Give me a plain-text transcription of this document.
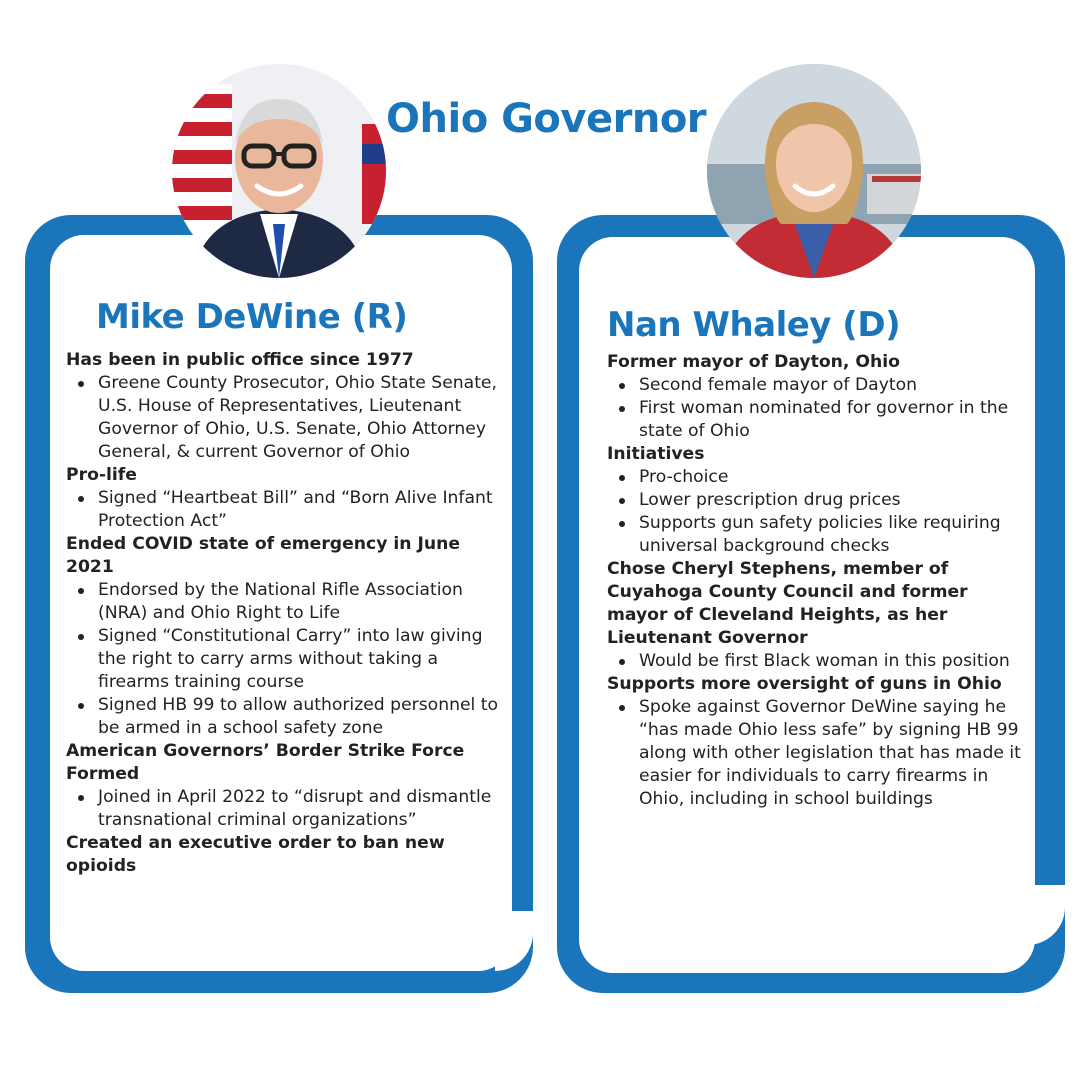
Ohio Governor
Mike DeWine (R)
Has been in public office since 1977
Greene County Prosecutor, Ohio State Senate, U.S. House of Representatives, Lieutenant Governor of Ohio, U.S. Senate, Ohio Attorney General, & current Governor of Ohio
Pro-life
Signed “Heartbeat Bill” and “Born Alive Infant Protection Act”
Ended COVID state of emergency in June 2021
Endorsed by the National Rifle Association (NRA) and Ohio Right to Life
Signed “Constitutional Carry” into law giving the right to carry arms without taking a firearms training course
Signed HB 99 to allow authorized personnel to be armed in a school safety zone
American Governors’ Border Strike Force Formed
Joined in April 2022 to “disrupt and dismantle transnational criminal organizations”
Created an executive order to ban new opioids
Nan Whaley (D)
Former mayor of Dayton, Ohio
Second female mayor of Dayton
First woman nominated for governor in the state of Ohio
Initiatives
Pro-choice
Lower prescription drug prices
Supports gun safety policies like requiring universal background checks
Chose Cheryl Stephens, member of Cuyahoga County Council and former mayor of Cleveland Heights, as her Lieutenant Governor
Would be first Black woman in this position
Supports more oversight of guns in Ohio
Spoke against Governor DeWine saying he “has made Ohio less safe” by signing HB 99 along with other legislation that has made it easier for individuals to carry firearms in Ohio, including in school buildings
